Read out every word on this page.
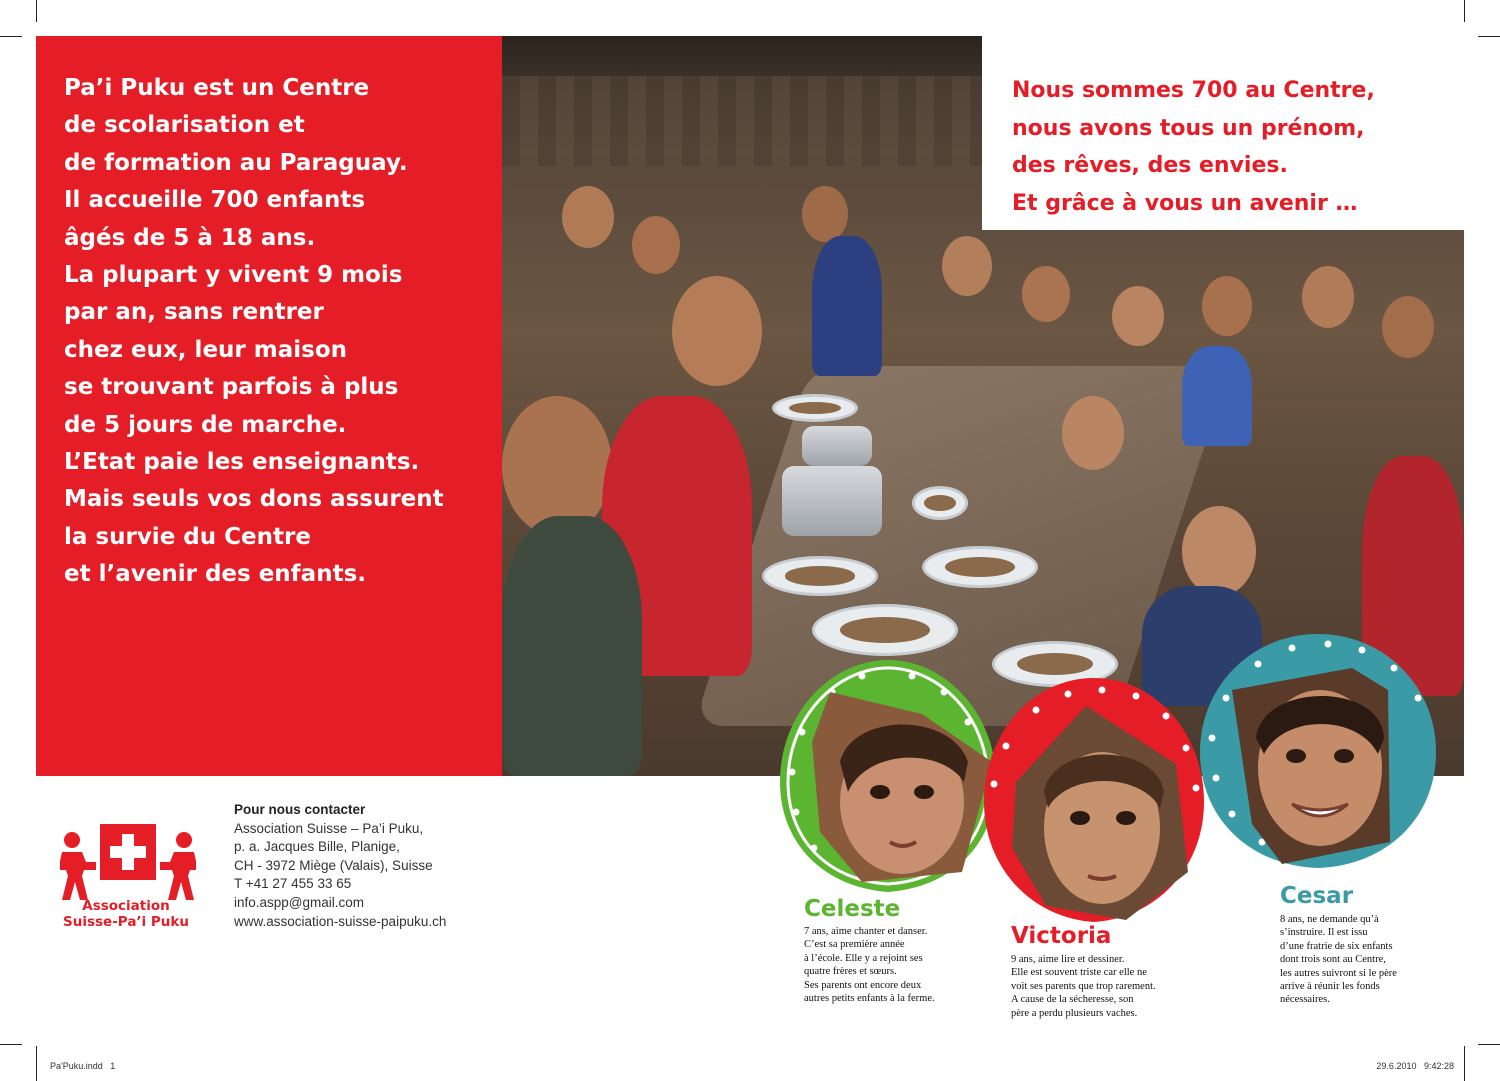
Pa’i Puku est un Centre
de scolarisation et
de formation au Paraguay.
Il accueille 700 enfants
âgés de 5 à 18 ans.
La plupart y vivent 9 mois
par an, sans rentrer
chez eux, leur maison
se trouvant parfois à plus
de 5 jours de marche.
L’Etat paie les enseignants.
Mais seuls vos dons assurent
la survie du Centre
et l’avenir des enfants.

Nous sommes 700 au Centre,
nous avons tous un prénom,
des rêves, des envies.
Et grâce à vous un avenir …

Association
Suisse-Pa’i Puku
Pour nous contacter
Association Suisse – Pa’i Puku,
p. a. Jacques Bille, Planige,
CH - 3972 Miège (Valais), Suisse
T +41 27 455 33 65
info.aspp@gmail.com
www.association-suisse-paipuku.ch	Celeste
7 ans, aime chanter et danser.
C’est sa première année
à l’école. Elle y a rejoint ses
quatre frères et sœurs.
Ses parents ont encore deux
autres petits enfants à la ferme.
Victoria
9 ans, aime lire et dessiner.
Elle est souvent triste car elle ne
voit ses parents que trop rarement.
A cause de la sécheresse, son
père a perdu plusieurs vaches.
Cesar
8 ans, ne demande qu’à
s’instruire. Il est issu
d’une fratrie de six enfants
dont trois sont au Centre,
les autres suivront si le père
arrive à réunir les fonds
nécessaires.
Pa'Puku.indd   1	29.6.2010   9:42:28
